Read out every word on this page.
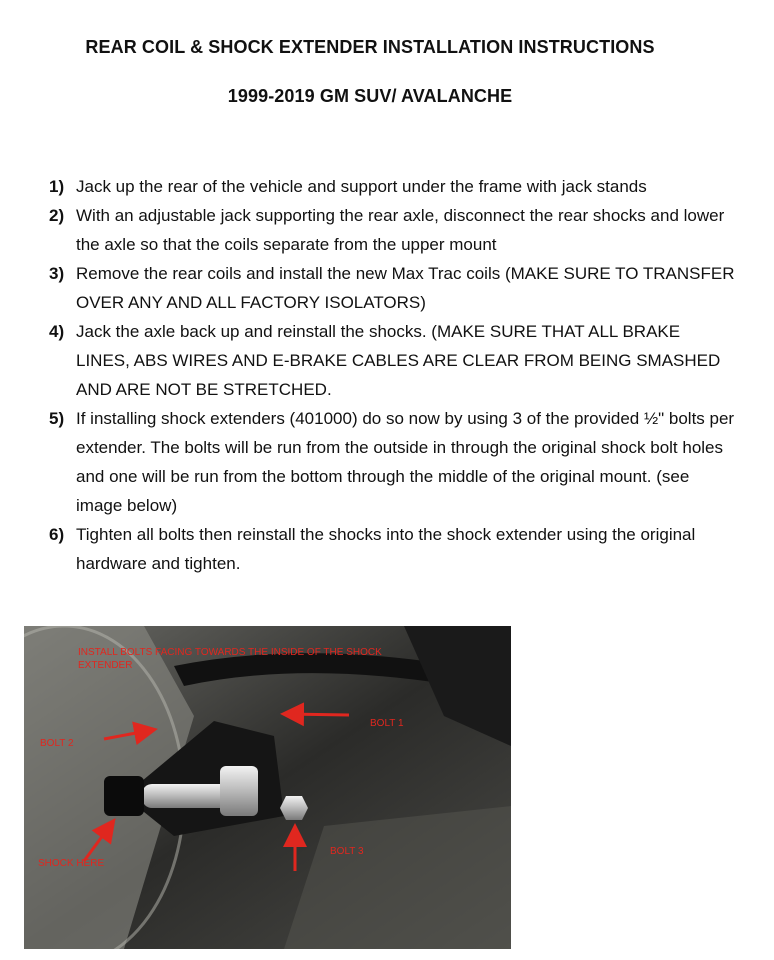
REAR COIL & SHOCK EXTENDER INSTALLATION INSTRUCTIONS
1999-2019 GM SUV/ AVALANCHE
1) Jack up the rear of the vehicle and support under the frame with jack stands
2) With an adjustable jack supporting the rear axle, disconnect the rear shocks and lower the axle so that the coils separate from the upper mount
3) Remove the rear coils and install the new Max Trac coils (MAKE SURE TO TRANSFER OVER ANY AND ALL FACTORY ISOLATORS)
4) Jack the axle back up and reinstall the shocks. (MAKE SURE THAT ALL BRAKE LINES, ABS WIRES AND E-BRAKE CABLES ARE CLEAR FROM BEING SMASHED AND ARE NOT BE STRETCHED.
5) If installing shock extenders (401000) do so now by using 3 of the provided ½" bolts per extender. The bolts will be run from the outside in through the original shock bolt holes and one will be run from the bottom through the middle of the original mount. (see image below)
6) Tighten all bolts then reinstall the shocks into the shock extender using the original hardware and tighten.
INSTALL BOLTS FACING TOWARDS THE INSIDE OF THE SHOCK EXTENDER
BOLT 1
BOLT 2
BOLT 3
SHOCK HERE
